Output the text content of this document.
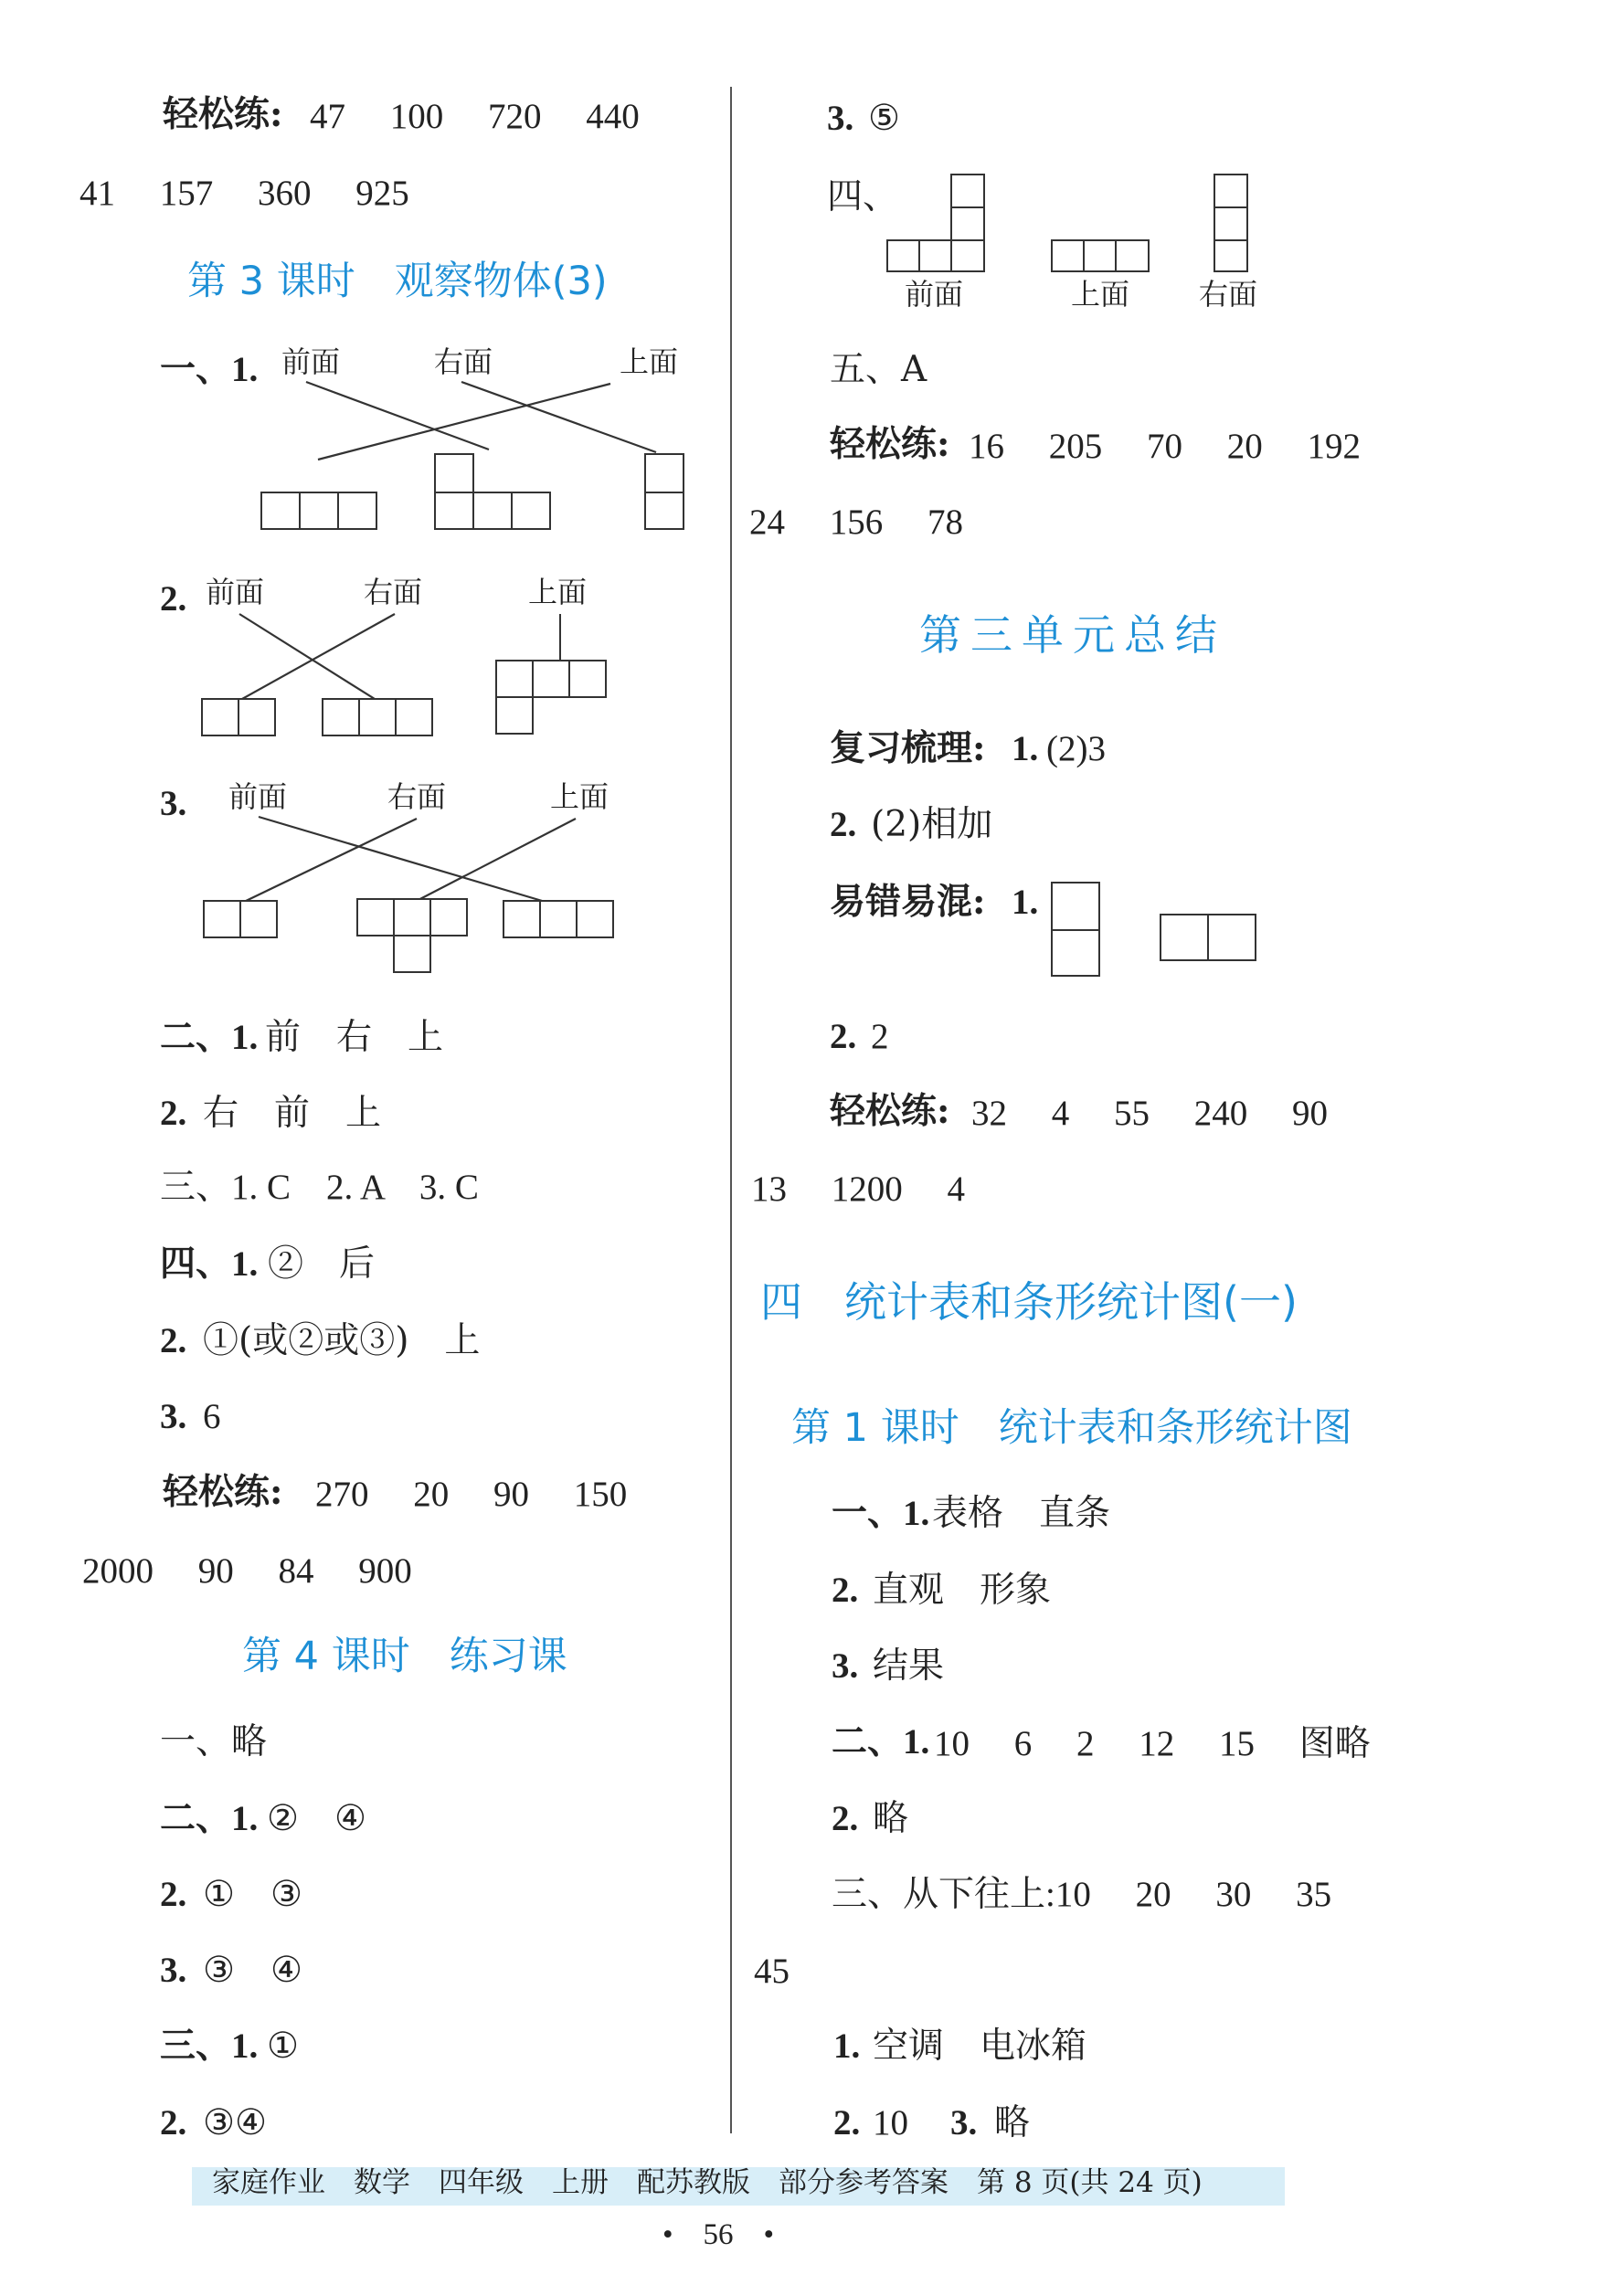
轻松练: 47　 100　 720　 440
41　 157　 360　 925
第 3 课时　观察物体(3)
一、1. 前面	右面	上面
2. 前面	右面	上面
3. 前面	右面	上面
二、1. 前　右　上
2. 右　前　上
三、1. C　2. A　3. C
四、1. ②　后
2. ①(或②或③)　上
3. 6
轻松练: 270　 20　 90　 150
2000　 90　 84　 900
第 4 课时　练习课
一、略
二、1. ②　④
2. ①　③
3. ③　④
三、1. ①
2. ③④
3. ⑤
四、
前面	上面 右面
五、A
轻松练: 16　 205　 70　 20　 192
24　 156　 78
第三单元总结
复习梳理: 1. (2)3
2. (2)相加
易错易混: 1.
2. 2
轻松练: 32　 4　 55　 240　 90
13　 1200　 4
四　统计表和条形统计图(一)
第 1 课时　统计表和条形统计图
一、1. 表格　直条
2. 直观　形象
3. 结果
二、1. 10　 6　 2　 12　 15　 图略
2. 略
三、从下往上:10　 20　 30　 35
45
1. 空调　电冰箱
2. 10 3. 略
家庭作业　数学　四年级　上册　配苏教版　部分参考答案　第 8 页(共 24 页)
•　56　•
